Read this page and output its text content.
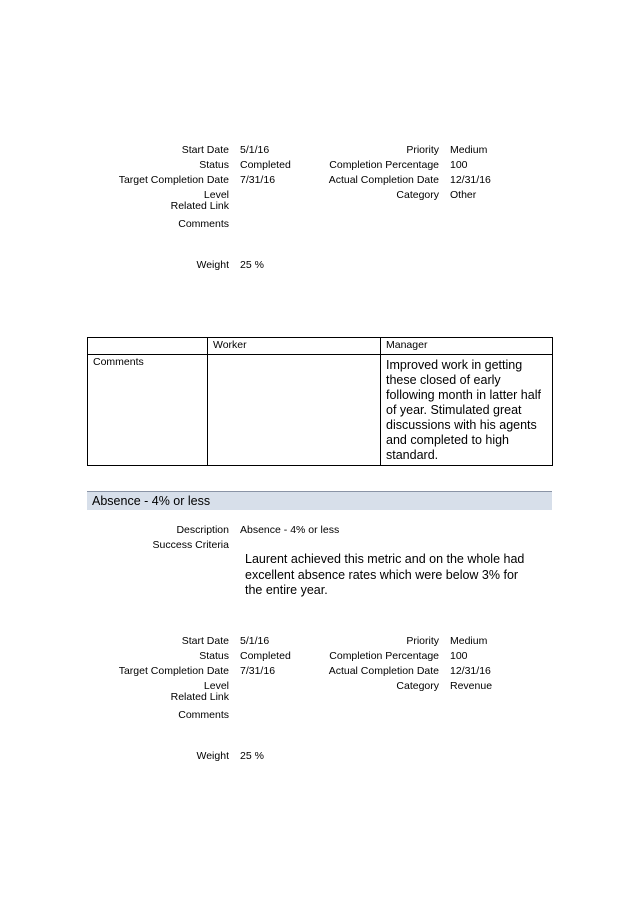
Start Date 5/1/16
Status Completed
Target Completion Date 7/31/16
Level
Related Link
Priority Medium
Completion Percentage 100
Actual Completion Date 12/31/16
Category Other
Comments
Weight 25 %
	Worker	Manager
Comments		Improved work in getting these closed of early following month in latter half of year. Stimulated great discussions with his agents and completed to high standard.
Absence - 4% or less
Description Absence - 4% or less
Success Criteria
Laurent achieved this metric and on the whole had excellent absence rates which were below 3% for the entire year.
Start Date 5/1/16
Status Completed
Target Completion Date 7/31/16
Level
Related Link
Priority Medium
Completion Percentage 100
Actual Completion Date 12/31/16
Category Revenue
Comments
Weight 25 %
